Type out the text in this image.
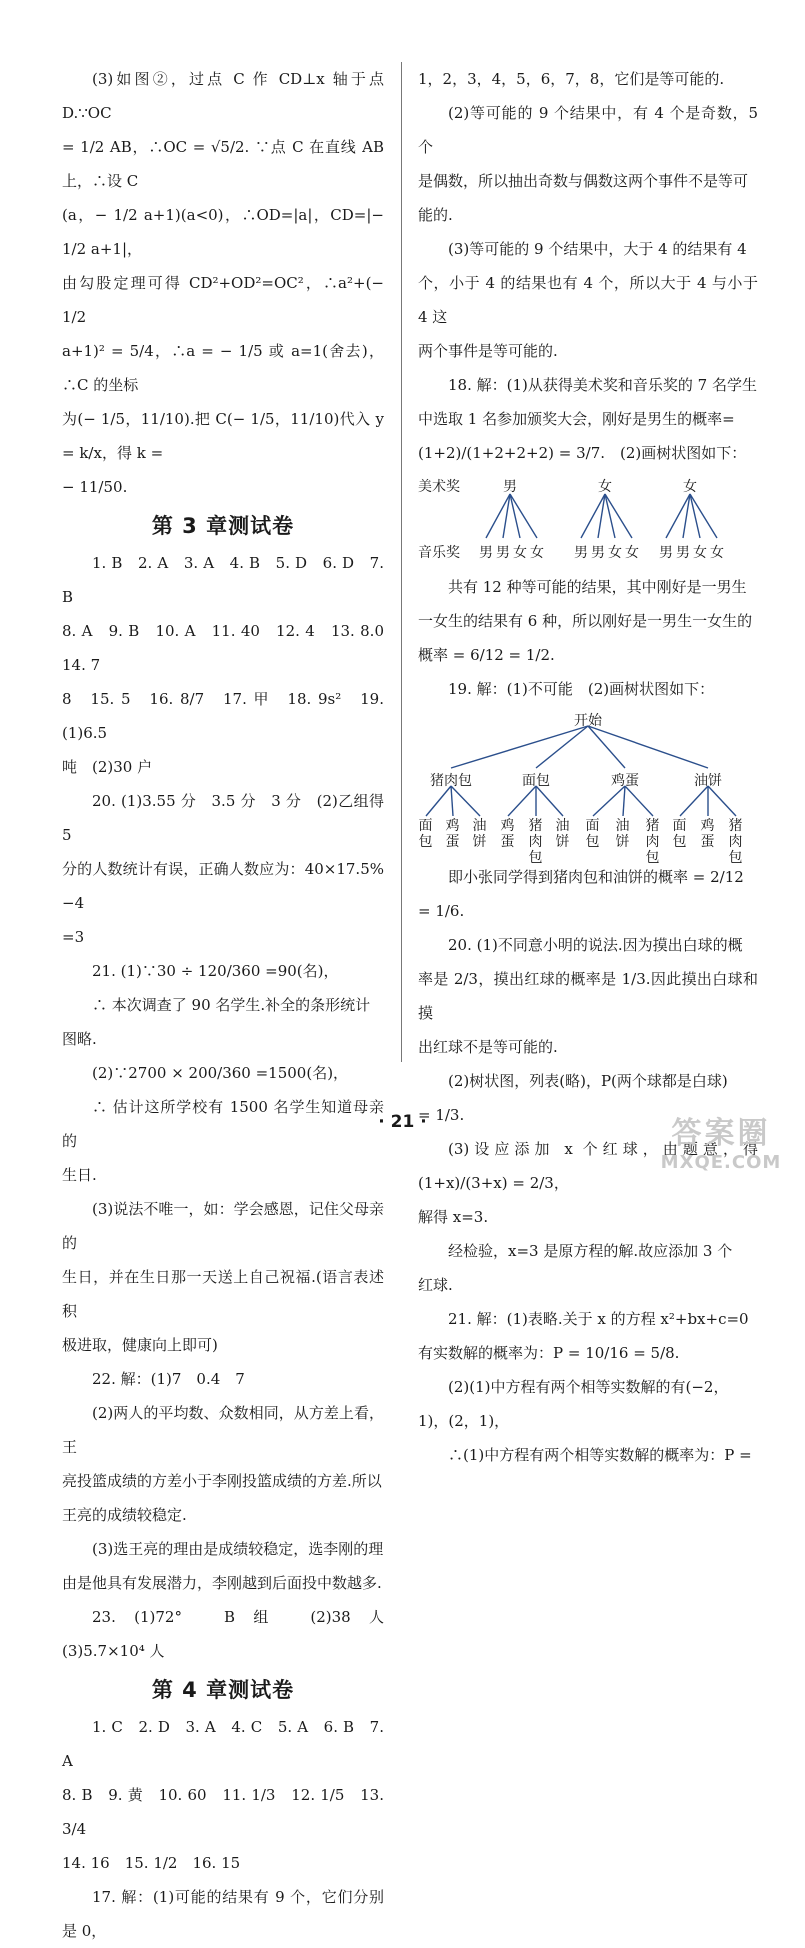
(3)如图②，过点 C 作 CD⊥x 轴于点 D.∵OC

= 1/2 AB，∴OC = √5/2. ∵点 C 在直线 AB 上，∴设 C

(a，− 1/2 a+1)(a<0)，∴OD=|a|，CD=|− 1/2 a+1|，

由勾股定理可得 CD²+OD²=OC²，∴a²+(− 1/2

a+1)² = 5/4，∴a = − 1/5 或 a=1(舍去)，∴C 的坐标

为(− 1/5，11/10).把 C(− 1/5，11/10)代入 y = k/x，得 k =

− 11/50.

第 3 章测试卷

1. B　2. A　3. A　4. B　5. D　6. D　7. B

8. A　9. B　10. A　11. 40　12. 4　13. 8.0　14. 7

8　15. 5　16. 8/7　17. 甲　18. 9s²　19. (1)6.5

吨　(2)30 户

20. (1)3.55 分　3.5 分　3 分　(2)乙组得 5

分的人数统计有误，正确人数应为：40×17.5%−4

=3

21. (1)∵30 ÷ 120/360 =90(名)，

∴ 本次调查了 90 名学生.补全的条形统计

图略.

(2)∵2700 × 200/360 =1500(名)，

∴ 估计这所学校有 1500 名学生知道母亲的

生日.

(3)说法不唯一，如：学会感恩，记住父母亲的

生日，并在生日那一天送上自己祝福.(语言表述积

极进取，健康向上即可)

22. 解：(1)7　0.4　7

(2)两人的平均数、众数相同，从方差上看，王

亮投篮成绩的方差小于李刚投篮成绩的方差.所以

王亮的成绩较稳定.

(3)选王亮的理由是成绩较稳定，选李刚的理

由是他具有发展潜力，李刚越到后面投中数越多.

23. (1)72°　B 组　(2)38 人　(3)5.7×10⁴ 人

第 4 章测试卷

1. C　2. D　3. A　4. C　5. A　6. B　7. A

8. B　9. 黄　10. 60　11. 1/3　12. 1/5　13. 3/4

14. 16　15. 1/2　16. 15

17. 解：(1)可能的结果有 9 个，它们分别是 0，

1，2，3，4，5，6，7，8，它们是等可能的.

(2)等可能的 9 个结果中，有 4 个是奇数，5 个

是偶数，所以抽出奇数与偶数这两个事件不是等可

能的.

(3)等可能的 9 个结果中，大于 4 的结果有 4

个，小于 4 的结果也有 4 个，所以大于 4 与小于 4 这

两个事件是等可能的.

18. 解：(1)从获得美术奖和音乐奖的 7 名学生

中选取 1 名参加颁奖大会，刚好是男生的概率=

(1+2)/(1+2+2+2) = 3/7.　(2)画树状图如下：

美术奖	男	女	女
音乐奖 男 男 女 女 男 男 女 女 男 男 女 女

共有 12 种等可能的结果，其中刚好是一男生

一女生的结果有 6 种，所以刚好是一男生一女生的

概率 = 6/12 = 1/2.

19. 解：(1)不可能　(2)画树状图如下：

开始
猪肉包	面包	鸡蛋	油饼
面包
鸡蛋
油饼
鸡蛋
猪肉包
油饼
面包
油饼
猪肉包
面包
鸡蛋
猪肉包

即小张同学得到猪肉包和油饼的概率 = 2/12

= 1/6.

20. (1)不同意小明的说法.因为摸出白球的概

率是 2/3，摸出红球的概率是 1/3.因此摸出白球和摸

出红球不是等可能的.

(2)树状图，列表(略)，P(两个球都是白球)

= 1/3.

(3)设应添加 x 个红球，由题意，得 (1+x)/(3+x) = 2/3，

解得 x=3.

经检验，x=3 是原方程的解.故应添加 3 个

红球.

21. 解：(1)表略.关于 x 的方程 x²+bx+c=0

有实数解的概率为：P = 10/16 = 5/8.

(2)(1)中方程有两个相等实数解的有(−2，

1)，(2，1)，

∴(1)中方程有两个相等实数解的概率为：P =

· 21 ·	答案圈
MXQE.COM
